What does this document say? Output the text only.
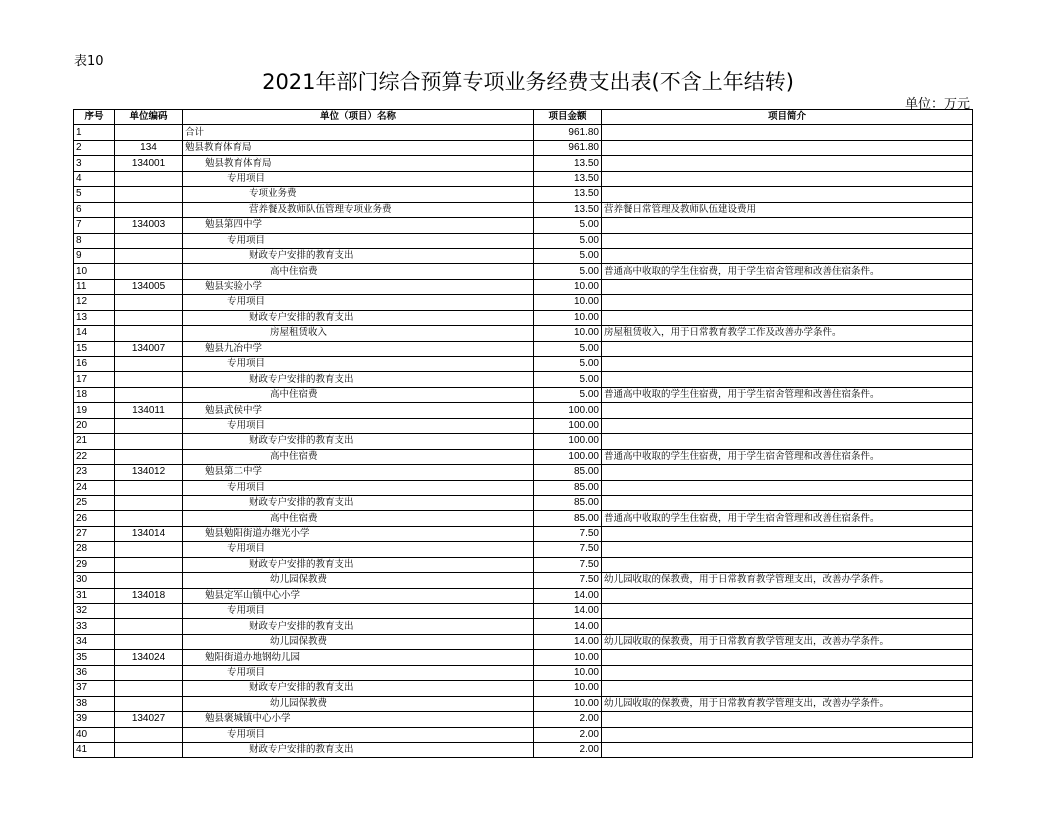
表10
2021年部门综合预算专项业务经费支出表(不含上年结转)
单位：万元
序号	单位编码	单位（项目）名称	项目金额	项目简介
1		合计	961.80	
2	134	勉县教育体育局	961.80	
3	134001	勉县教育体育局	13.50	
4		专用项目	13.50	
5		专项业务费	13.50	
6		营养餐及教师队伍管理专项业务费	13.50	营养餐日常管理及教师队伍建设费用
7	134003	勉县第四中学	5.00	
8		专用项目	5.00	
9		财政专户安排的教育支出	5.00	
10		高中住宿费	5.00	普通高中收取的学生住宿费，用于学生宿舍管理和改善住宿条件。
11	134005	勉县实验小学	10.00	
12		专用项目	10.00	
13		财政专户安排的教育支出	10.00	
14		房屋租赁收入	10.00	房屋租赁收入，用于日常教育教学工作及改善办学条件。
15	134007	勉县九冶中学	5.00	
16		专用项目	5.00	
17		财政专户安排的教育支出	5.00	
18		高中住宿费	5.00	普通高中收取的学生住宿费，用于学生宿舍管理和改善住宿条件。
19	134011	勉县武侯中学	100.00	
20		专用项目	100.00	
21		财政专户安排的教育支出	100.00	
22		高中住宿费	100.00	普通高中收取的学生住宿费，用于学生宿舍管理和改善住宿条件。
23	134012	勉县第二中学	85.00	
24		专用项目	85.00	
25		财政专户安排的教育支出	85.00	
26		高中住宿费	85.00	普通高中收取的学生住宿费，用于学生宿舍管理和改善住宿条件。
27	134014	勉县勉阳街道办继光小学	7.50	
28		专用项目	7.50	
29		财政专户安排的教育支出	7.50	
30		幼儿园保教费	7.50	幼儿园收取的保教费，用于日常教育教学管理支出，改善办学条件。
31	134018	勉县定军山镇中心小学	14.00	
32		专用项目	14.00	
33		财政专户安排的教育支出	14.00	
34		幼儿园保教费	14.00	幼儿园收取的保教费，用于日常教育教学管理支出，改善办学条件。
35	134024	勉阳街道办地钢幼儿园	10.00	
36		专用项目	10.00	
37		财政专户安排的教育支出	10.00	
38		幼儿园保教费	10.00	幼儿园收取的保教费，用于日常教育教学管理支出，改善办学条件。
39	134027	勉县褒城镇中心小学	2.00	
40		专用项目	2.00	
41		财政专户安排的教育支出	2.00	
